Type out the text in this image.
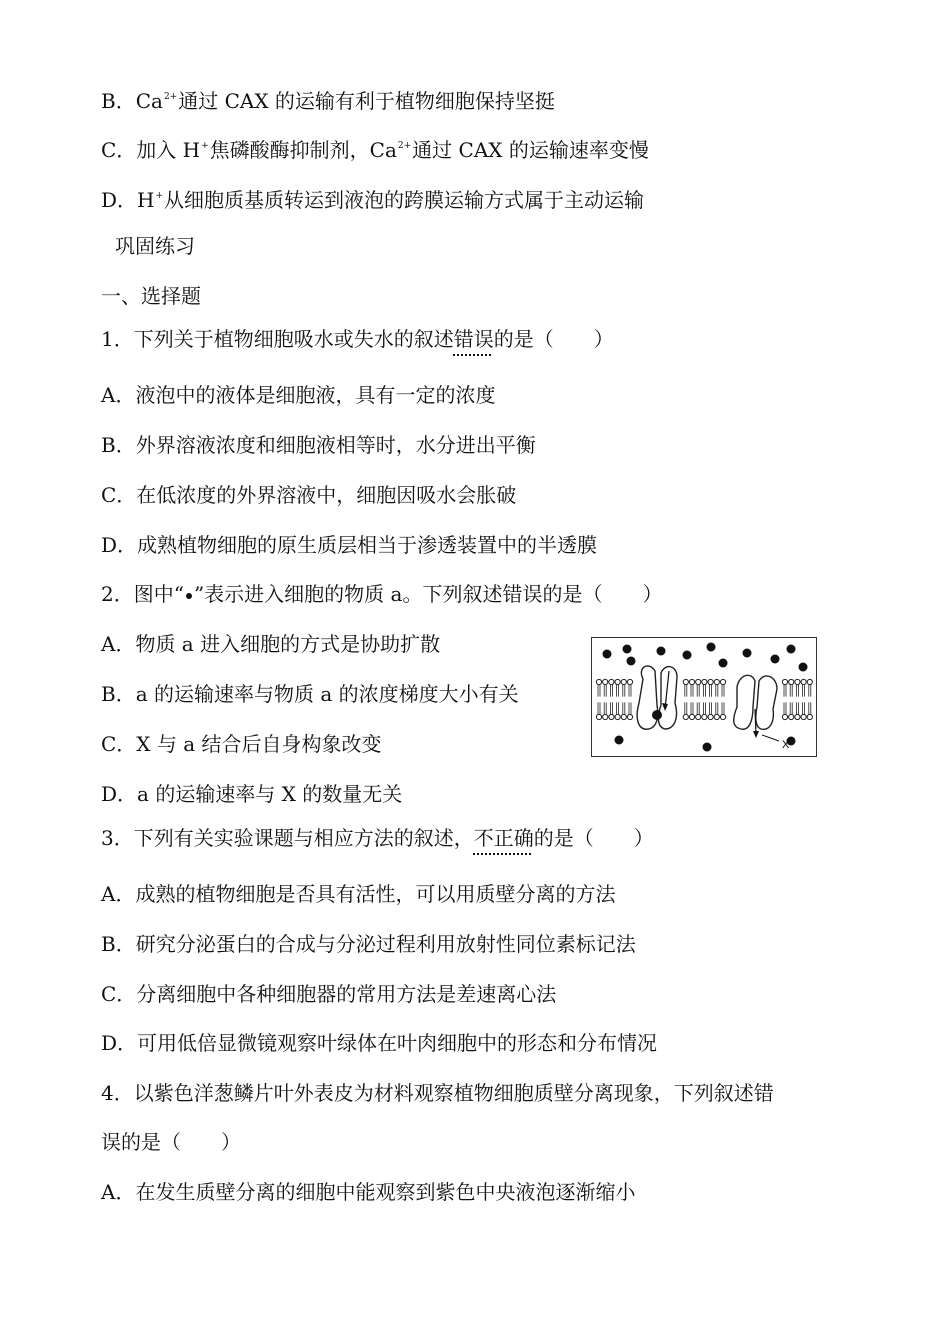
B．$Ca^{2+}$通过 CAX 的运输有利于植物细胞保持坚挺
C．加入 H+焦磷酸酶抑制剂，$Ca^{2+}$通过 CAX 的运输速率变慢
D．H+从细胞质基质转运到液泡的跨膜运输方式属于主动运输
巩固练习
一、选择题
1．下列关于植物细胞吸水或失水的叙述错误的是（　　）
A．液泡中的液体是细胞液，具有一定的浓度
B．外界溶液浓度和细胞液相等时，水分进出平衡
C．在低浓度的外界溶液中，细胞因吸水会胀破
D．成熟植物细胞的原生质层相当于渗透装置中的半透膜
2．图中“ ”表示进入细胞的物质 a。下列叙述错误的是（　　）
A．物质 a 进入细胞的方式是协助扩散
B．a 的运输速率与物质 a 的浓度梯度大小有关
C．X 与 a 结合后自身构象改变
D．a 的运输速率与 X 的数量无关
X
3．下列有关实验课题与相应方法的叙述，不正确的是（　　）
A．成熟的植物细胞是否具有活性，可以用质壁分离的方法
B．研究分泌蛋白的合成与分泌过程利用放射性同位素标记法
C．分离细胞中各种细胞器的常用方法是差速离心法
D．可用低倍显微镜观察叶绿体在叶肉细胞中的形态和分布情况
4．以紫色洋葱鳞片叶外表皮为材料观察植物细胞质壁分离现象，下列叙述错
误的是（　　）
A．在发生质壁分离的细胞中能观察到紫色中央液泡逐渐缩小
